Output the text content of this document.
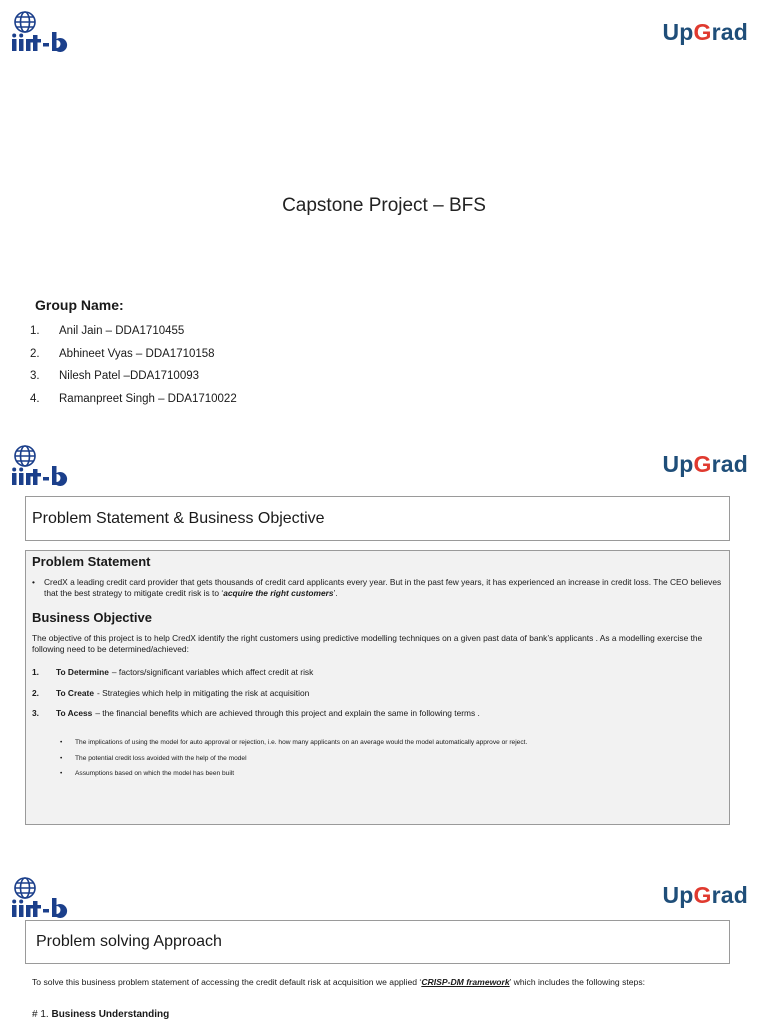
UpGrad
Capstone Project – BFS
Group Name:
1.	Anil Jain – DDA1710455
2.	Abhineet Vyas – DDA1710158
3.	Nilesh Patel –DDA1710093
4.	Ramanpreet Singh – DDA1710022
UpGrad
Problem Statement & Business Objective
Problem Statement
•	CredX a leading credit card provider that gets thousands of credit card applicants every year. But in the past few years, it has experienced an increase in credit loss. The CEO believes that the best strategy to mitigate credit risk is to ‘acquire the right customers’.
Business Objective
The objective of this project is to help CredX identify the right customers using predictive modelling techniques on a given past data of bank’s applicants . As a modelling exercise the following need to be determined/achieved:
1.	To Determine – factors/significant variables which affect credit at risk
2.	To Create - Strategies which help in mitigating the risk at acquisition
3.	To Acess – the financial benefits which are achieved through this project and explain the same in following terms .
•	The implications of using the model for auto approval or rejection, i.e. how many applicants on an average would the model automatically approve or reject.
•	The potential credit loss avoided with the help of the model
•	Assumptions based on which the model has been built
UpGrad
Problem solving Approach
To solve this business problem statement of accessing the credit default risk at acquisition we applied ‘CRISP-DM framework’ which includes the following steps:
# 1. Business Understanding
